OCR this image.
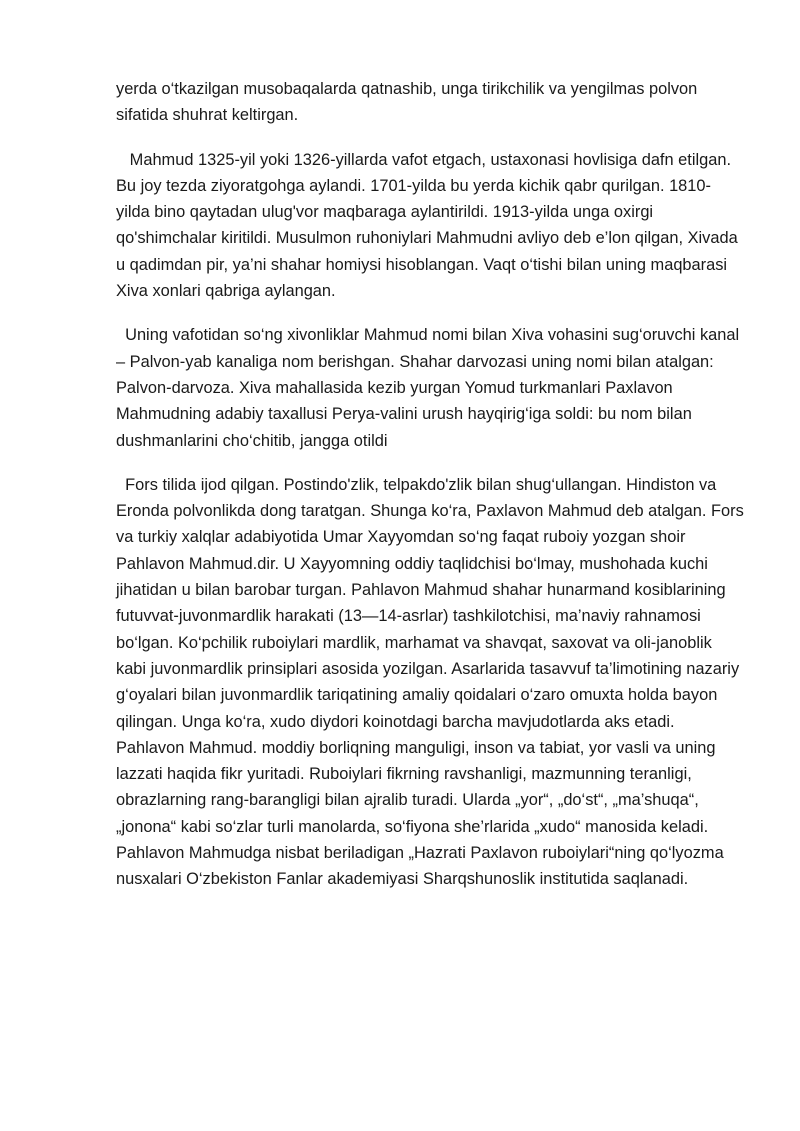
yerda o‘tkazilgan musobaqalarda qatnashib, unga tirikchilik va yengilmas polvon sifatida shuhrat keltirgan.

Mahmud 1325-yil yoki 1326-yillarda vafot etgach, ustaxonasi hovlisiga dafn etilgan. Bu joy tezda ziyoratgohga aylandi. 1701-yilda bu yerda kichik qabr qurilgan. 1810-yilda bino qaytadan ulug'vor maqbaraga aylantirildi. 1913-yilda unga oxirgi qo'shimchalar kiritildi. Musulmon ruhoniylari Mahmudni avliyo deb e’lon qilgan, Xivada u qadimdan pir, ya’ni shahar homiysi hisoblangan. Vaqt o‘tishi bilan uning maqbarasi Xiva xonlari qabriga aylangan.

Uning vafotidan so‘ng xivonliklar Mahmud nomi bilan Xiva vohasini sug‘oruvchi kanal – Palvon-yab kanaliga nom berishgan. Shahar darvozasi uning nomi bilan atalgan: Palvon-darvoza. Xiva mahallasida kezib yurgan Yomud turkmanlari Paxlavon Mahmudning adabiy taxallusi Perya-valini urush hayqirig‘iga soldi: bu nom bilan dushmanlarini cho‘chitib, jangga otildi

Fors tilida ijod qilgan. Postindo'zlik, telpakdo'zlik bilan shug‘ullangan. Hindiston va Eronda polvonlikda dong taratgan. Shunga ko‘ra, Paxlavon Mahmud deb atalgan. Fors va turkiy xalqlar adabiyotida Umar Xayyomdan so‘ng faqat ruboiy yozgan shoir Pahlavon Mahmud.dir. U Xayyomning oddiy taqlidchisi bo‘lmay, mushohada kuchi jihatidan u bilan barobar turgan. Pahlavon Mahmud shahar hunarmand kosiblarining futuvvat-juvonmardlik harakati (13—14-asrlar) tashkilotchisi, ma’naviy rahnamosi bo‘lgan. Ko‘pchilik ruboiylari mardlik, marhamat va shavqat, saxovat va oli-janoblik kabi juvonmardlik prinsiplari asosida yozilgan. Asarlarida tasavvuf ta’limotining nazariy g‘oyalari bilan juvonmardlik tariqatining amaliy qoidalari o‘zaro omuxta holda bayon qilingan. Unga ko‘ra, xudo diydori koinotdagi barcha mavjudotlarda aks etadi. Pahlavon Mahmud. moddiy borliqning manguligi, inson va tabiat, yor vasli va uning lazzati haqida fikr yuritadi. Ruboiylari fikrning ravshanligi, mazmunning teranligi, obrazlarning rang-barangligi bilan ajralib turadi. Ularda „yor“, „do‘st“, „ma’shuqa“, „jonona“ kabi so‘zlar turli manolarda, so‘fiyona she’rlarida „xudo“ manosida keladi. Pahlavon Mahmudga nisbat beriladigan „Hazrati Paxlavon ruboiylari“ning qo‘lyozma nusxalari O‘zbekiston Fanlar akademiyasi Sharqshunoslik institutida saqlanadi.
